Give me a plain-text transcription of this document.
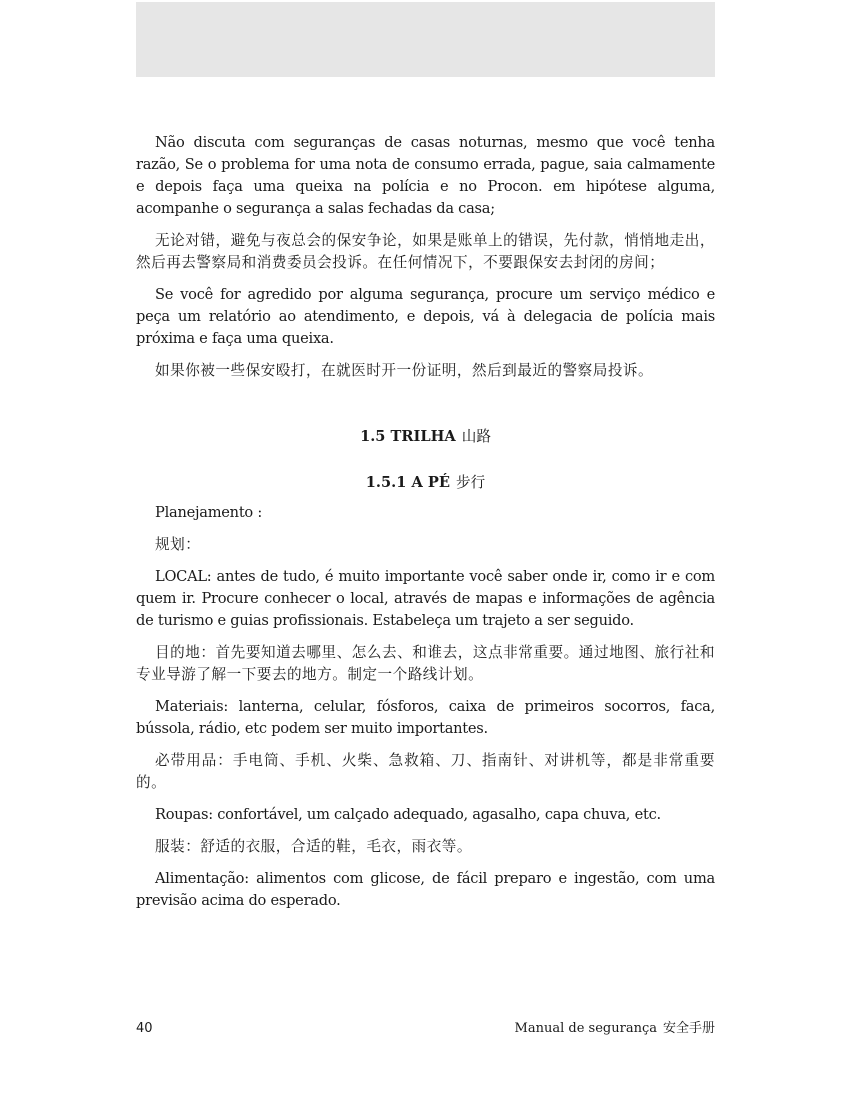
Não discuta com seguranças de casas noturnas, mesmo que você tenha razão, Se o problema for uma nota de consumo errada, pague, saia calmamente e depois faça uma queixa na polícia e no Procon. em hipótese alguma, acompanhe o segurança a salas fechadas da casa;

无论对错，避免与夜总会的保安争论，如果是账单上的错误，先付款，悄悄地走出，然后再去警察局和消费委员会投诉。在任何情况下，不要跟保安去封闭的房间；

Se você for agredido por alguma segurança, procure um serviço médico e peça um relatório ao atendimento, e depois, vá à delegacia de polícia mais próxima e faça uma queixa.

如果你被一些保安殴打，在就医时开一份证明，然后到最近的警察局投诉。

1.5 TRILHA 山路
1.5.1 A PÉ 步行

Planejamento :

规划：

LOCAL: antes de tudo, é muito importante você saber onde ir, como ir e com quem ir. Procure conhecer o local, através de mapas e informações de agência de turismo e guias profissionais. Estabeleça um trajeto a ser seguido.

目的地：首先要知道去哪里、怎么去、和谁去，这点非常重要。通过地图、旅行社和专业导游了解一下要去的地方。制定一个路线计划。

Materiais: lanterna, celular, fósforos, caixa de primeiros socorros, faca, bússola, rádio, etc podem ser muito importantes.

必带用品：手电筒、手机、火柴、急救箱、刀、指南针、对讲机等，都是非常重要的。

Roupas: confortável, um calçado adequado, agasalho, capa chuva, etc.

服装：舒适的衣服，合适的鞋，毛衣，雨衣等。

Alimentação: alimentos com glicose, de fácil preparo e ingestão, com uma previsão acima do esperado.

40	Manual de segurança 安全手册
